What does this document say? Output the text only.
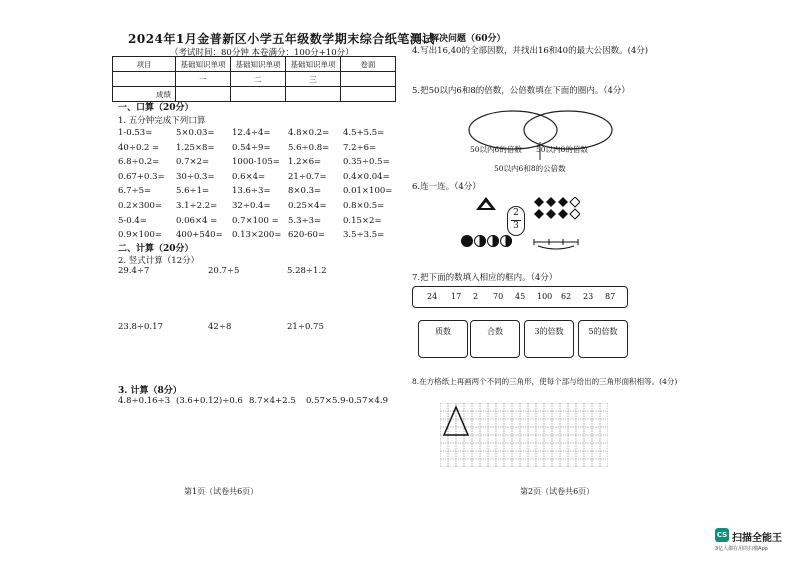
2024年1月金普新区小学五年级数学期末综合纸笔测试
（考试时间：80分钟 本卷满分：100分+10分）
项目	基础知识单项	基础知识单项	基础知识单项	卷面
	一	二	三	
成绩				
一、口算（20分）
1. 五分钟完成下列口算
1-0.53=	5×0.03=	12.4÷4=	4.8×0.2=	4.5+5.5=
40÷0.2 =	1.25×8=	0.54÷9=	5.6÷0.8=	7.2÷6=
6.8÷0.2=	0.7×2=	1000-105= 1.2×6=	0.35÷0.5=
0.67+0.3=	30÷0.3=	0.6×4=	21÷0.7=	0.4×0.04=
6.7÷5=	5.6÷1=	13.6÷3=	8×0.3=	0.01×100=
0.2×300=	3.1÷2.2=	32÷0.4=	0.25×4=	0.8×0.5=
5-0.4=	0.06×4 =	0.7×100 =	5.3÷3=	0.15×2=
0.9×100=	400+540=	0.13×200= 620-60=	3.5÷3.5=
二、计算（20分）
2. 竖式计算（12分）
29.4÷7	20.7÷5	5.28÷1.2
23.8÷0.17	42÷8	21÷0.75
3. 计算（8分）
4.8÷0.16÷3 (3.6+0.12)÷0.6 8.7×4+2.5 0.57×5.9-0.57×4.9
第1页（试卷共6页）
三、解决问题（60分）
4.写出16,40的全部因数，并找出16和40的最大公因数。(4分)
5.把50以内6和8的倍数，公倍数填在下面的圈内。（4分）
50以内6的倍数 50以内8的倍数
50以内6和8的公倍数
6.连一连。（4分）
2
3
7.把下面的数填入相应的框内。（4分）
24 17 2 70 45 100 62 23 87
质数	合数	3的倍数	5的倍数
8.在方格纸上再画两个不同的三角形，使每个部与给出的三角形面积相等。(4分)
第2页（试卷共6页）
CS 扫描全能王
3亿人都在用的扫描App
